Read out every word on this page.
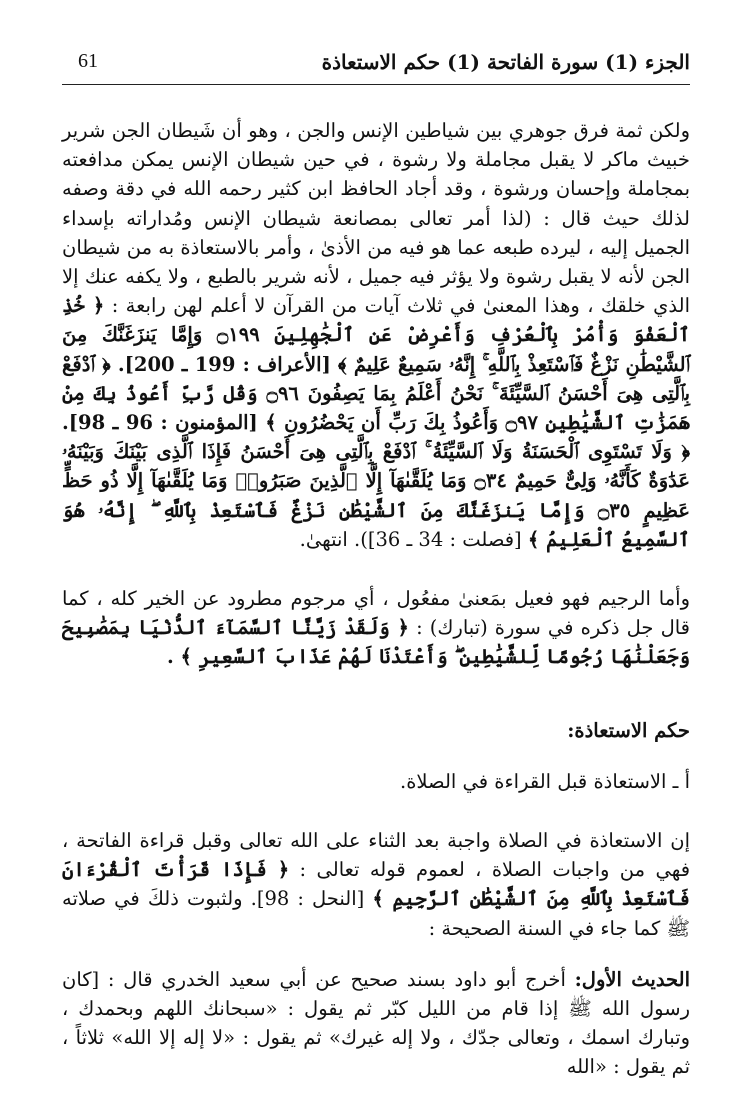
الجزء (1) سورة الفاتحة (1) حكم الاستعاذة
61

ولكن ثمة فرق جوهري بين شياطين الإنس والجن ، وهو أن شَيطان الجن شرير خبيث ماكر لا يقبل مجاملة ولا رشوة ، في حين شيطان الإنس يمكن مدافعته بمجاملة وإحسان ورشوة ، وقد أجاد الحافظ ابن كثير رحمه الله في دقة وصفه لذلك حيث قال : (لذا أمر تعالى بمصانعة شيطان الإنس ومُداراته بإسداء الجميل إليه ، ليرده طبعه عما هو فيه من الأذىٰ ، وأمر بالاستعاذة به من شيطان الجن لأنه لا يقبل رشوة ولا يؤثر فيه جميل ، لأنه شرير بالطبع ، ولا يكفه عنك إلا الذي خلقك ، وهذا المعنىٰ في ثلاث آيات من القرآن لا أعلم لهن رابعة : ﴿ خُذِ ٱلْعَفْوَ وَأْمُرْ بِٱلْعُرْفِ وَأَعْرِضْ عَنِ ٱلْجَٰهِلِينَ ۝١٩٩ وَإِمَّا يَنزَغَنَّكَ مِنَ ٱلشَّيْطَٰنِ نَزْغٌ فَٱسْتَعِذْ بِٱللَّهِ ۚ إِنَّهُۥ سَمِيعٌ عَلِيمٌ ﴾ [الأعراف : 199 ـ 200]. ﴿ ٱدْفَعْ بِٱلَّتِى هِىَ أَحْسَنُ ٱلسَّيِّئَةَ ۚ نَحْنُ أَعْلَمُ بِمَا يَصِفُونَ ۝٩٦ وَقُل رَّبِّ أَعُوذُ بِكَ مِنْ هَمَزَٰتِ ٱلشَّيَٰطِينِ ۝٩٧ وَأَعُوذُ بِكَ رَبِّ أَن يَحْضُرُونِ ﴾ [المؤمنون : 96 ـ 98]. ﴿ وَلَا تَسْتَوِى ٱلْحَسَنَةُ وَلَا ٱلسَّيِّئَةُ ۚ ٱدْفَعْ بِٱلَّتِى هِىَ أَحْسَنُ فَإِذَا ٱلَّذِى بَيْنَكَ وَبَيْنَهُۥ عَدَٰوَةٌ كَأَنَّهُۥ وَلِىٌّ حَمِيمٌ ۝٣٤ وَمَا يُلَقَّىٰهَآ إِلَّا ٱلَّذِينَ صَبَرُوا۟ وَمَا يُلَقَّىٰهَآ إِلَّا ذُو حَظٍّ عَظِيمٍ ۝٣٥ وَإِمَّا يَنزَغَنَّكَ مِنَ ٱلشَّيْطَٰنِ نَزْغٌ فَٱسْتَعِذْ بِٱللَّهِ ۖ إِنَّهُۥ هُوَ ٱلسَّمِيعُ ٱلْعَلِيمُ ﴾ [فصلت : 34 ـ 36]). انتهىٰ.

وأما الرجيم فهو فعيل بمَعنىٰ مفعُول ، أي مرجوم مطرود عن الخير كله ، كما قال جل ذكره في سورة (تبارك) : ﴿ وَلَقَدْ زَيَّنَّا ٱلسَّمَآءَ ٱلدُّنْيَا بِمَصَٰبِيحَ وَجَعَلْنَٰهَا رُجُومًا لِّلشَّيَٰطِينِ ۖ وَأَعْتَدْنَا لَهُمْ عَذَابَ ٱلسَّعِيرِ ﴾ .

حكم الاستعاذة:

أ ـ الاستعاذة قبل القراءة في الصلاة.

إن الاستعاذة في الصلاة واجبة بعد الثناء على الله تعالى وقبل قراءة الفاتحة ، فهي من واجبات الصلاة ، لعموم قوله تعالى : ﴿ فَإِذَا قَرَأْتَ ٱلْقُرْءَانَ فَٱسْتَعِذْ بِٱللَّهِ مِنَ ٱلشَّيْطَٰنِ ٱلرَّجِيمِ ﴾ [النحل : 98]. ولثبوت ذلكَ في صلاته ﷺ كما جاء في السنة الصحيحة :

الحديث الأول: أخرج أبو داود بسند صحيح عن أبي سعيد الخدري قال : [كان رسول الله ﷺ إذا قام من الليل كبّر ثم يقول : «سبحانك اللهم وبحمدك ، وتبارك اسمك ، وتعالى جدّك ، ولا إله غيرك» ثم يقول : «لا إله إلا الله» ثلاثاً ، ثم يقول : «الله
